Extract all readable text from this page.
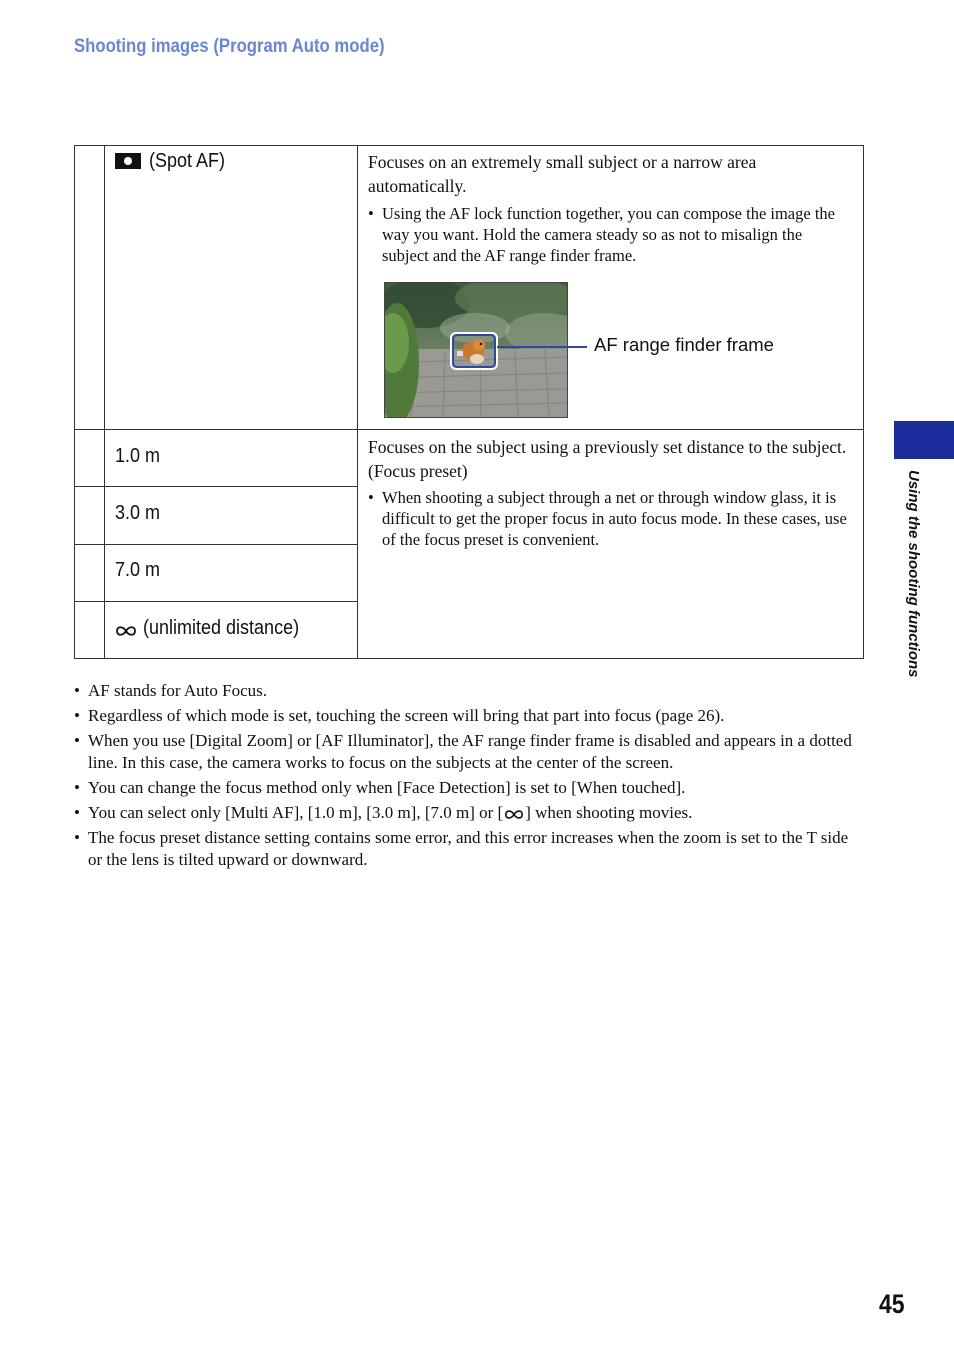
Shooting images (Program Auto mode)
(Spot AF)	Focuses on an extremely small subject or a narrow area automatically.
• Using the AF lock function together, you can compose the image the way you want. Hold the camera steady so as not to misalign the subject and the AF range finder frame.
AF range finder frame
1.0 m
3.0 m
7.0 m
(unlimited distance)
Focuses on the subject using a previously set distance to the subject. (Focus preset)
• When shooting a subject through a net or through window glass, it is difficult to get the proper focus in auto focus mode. In these cases, use of the focus preset is convenient.
• AF stands for Auto Focus.
• Regardless of which mode is set, touching the screen will bring that part into focus (page 26).
• When you use [Digital Zoom] or [AF Illuminator], the AF range finder frame is disabled and appears in a dotted line. In this case, the camera works to focus on the subjects at the center of the screen.
• You can change the focus method only when [Face Detection] is set to [When touched].
• You can select only [Multi AF], [1.0 m], [3.0 m], [7.0 m] or [ ] when shooting movies.
• The focus preset distance setting contains some error, and this error increases when the zoom is set to the T side or the lens is tilted upward or downward.
Using the shooting functions
45
